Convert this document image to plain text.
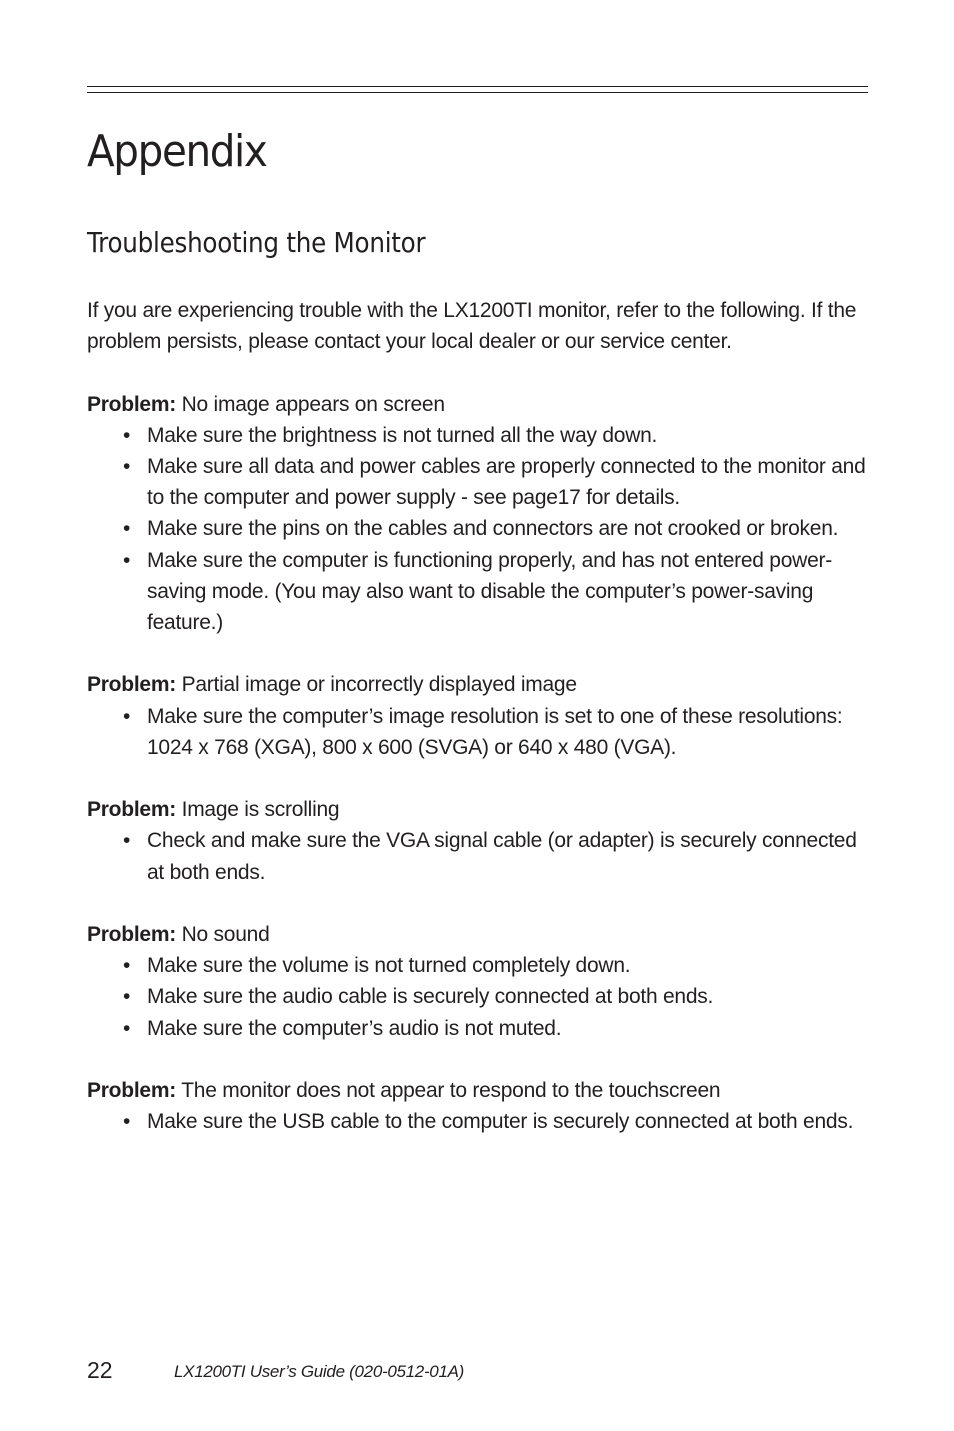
Appendix
Troubleshooting the Monitor

If you are experiencing trouble with the LX1200TI monitor, refer to the following. If the problem persists, please contact your local dealer or our service center.

Problem: No image appears on screen

• Make sure the brightness is not turned all the way down.
• Make sure all data and power cables are properly connected to the monitor and to the computer and power supply - see page17 for details.
• Make sure the pins on the cables and connectors are not crooked or broken.
• Make sure the computer is functioning properly, and has not entered power-saving mode. (You may also want to disable the computer’s power-saving feature.)

Problem: Partial image or incorrectly displayed image

• Make sure the computer’s image resolution is set to one of these resolutions: 1024 x 768 (XGA), 800 x 600 (SVGA) or 640 x 480 (VGA).

Problem: Image is scrolling

• Check and make sure the VGA signal cable (or adapter) is securely connected at both ends.

Problem: No sound

• Make sure the volume is not turned completely down.
• Make sure the audio cable is securely connected at both ends.
• Make sure the computer’s audio is not muted.

Problem: The monitor does not appear to respond to the touchscreen

• Make sure the USB cable to the computer is securely connected at both ends.
22	LX1200TI User’s Guide (020-0512-01A)
